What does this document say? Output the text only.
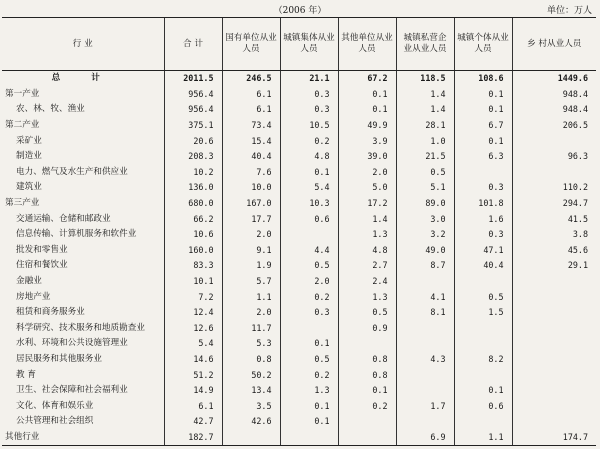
（2006 年）	单位：万人
行 业	合 计	国有单位从业人员	城镇集体从业人员	其他单位从业人员	城镇私营企 业从业人员	城镇个体从业人员	乡 村从业人员
总 计	2011.5	246.5	21.1	67.2	118.5	108.6	1449.6
第一产业	956.4	6.1	0.3	0.1	1.4	0.1	948.4
农、林、牧、渔业	956.4	6.1	0.3	0.1	1.4	0.1	948.4
第二产业	375.1	73.4	10.5	49.9	28.1	6.7	206.5
采矿业	20.6	15.4	0.2	3.9	1.0	0.1	
制造业	208.3	40.4	4.8	39.0	21.5	6.3	96.3
电力、燃气及水生产和供应业	10.2	7.6	0.1	2.0	0.5		
建筑业	136.0	10.0	5.4	5.0	5.1	0.3	110.2
第三产业	680.0	167.0	10.3	17.2	89.0	101.8	294.7
交通运输、仓储和邮政业	66.2	17.7	0.6	1.4	3.0	1.6	41.5
信息传输、计算机服务和软件业	10.6	2.0		1.3	3.2	0.3	3.8
批发和零售业	160.0	9.1	4.4	4.8	49.0	47.1	45.6
住宿和餐饮业	83.3	1.9	0.5	2.7	8.7	40.4	29.1
金融业	10.1	5.7	2.0	2.4			
房地产业	7.2	1.1	0.2	1.3	4.1	0.5	
租赁和商务服务业	12.4	2.0	0.3	0.5	8.1	1.5	
科学研究、技术服务和地质勘查业	12.6	11.7		0.9			
水利、环境和公共设施管理业	5.4	5.3	0.1				
居民服务和其他服务业	14.6	0.8	0.5	0.8	4.3	8.2	
教 育	51.2	50.2	0.2	0.8			
卫生、社会保障和社会福利业	14.9	13.4	1.3	0.1		0.1	
文化、体育和娱乐业	6.1	3.5	0.1	0.2	1.7	0.6	
公共管理和社会组织	42.7	42.6	0.1				
其他行业	182.7				6.9	1.1	174.7
